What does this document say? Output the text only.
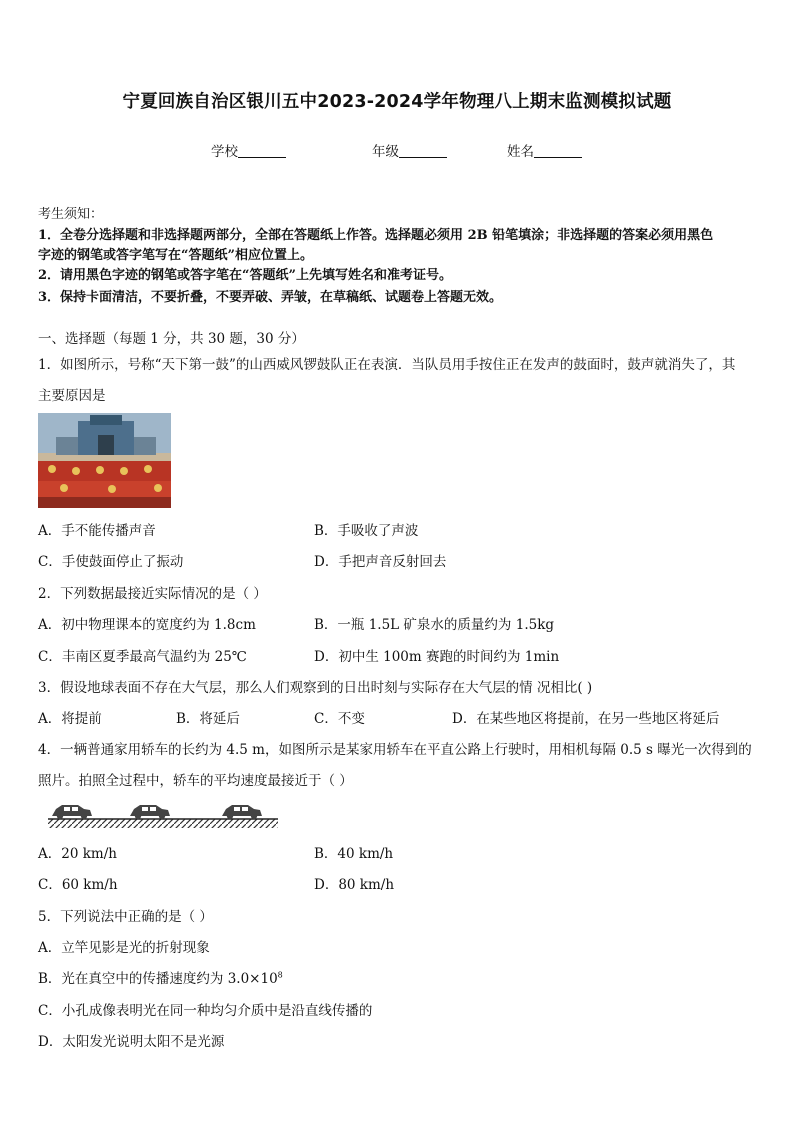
宁夏回族自治区银川五中2023-2024学年物理八上期末监测模拟试题
学校	年级	姓名
考生须知：
1．全卷分选择题和非选择题两部分，全部在答题纸上作答。选择题必须用 2B 铅笔填涂；非选择题的答案必须用黑色
字迹的钢笔或答字笔写在“答题纸”相应位置上。
2．请用黑色字迹的钢笔或答字笔在“答题纸”上先填写姓名和准考证号。
3．保持卡面清洁，不要折叠，不要弄破、弄皱，在草稿纸、试题卷上答题无效。
一、选择题（每题 1 分，共 30 题，30 分）
1．如图所示，号称“天下第一鼓”的山西威风锣鼓队正在表演．当队员用手按住正在发声的鼓面时，鼓声就消失了，其
主要原因是
A．手不能传播声音	B．手吸收了声波
C．手使鼓面停止了振动	D．手把声音反射回去
2．下列数据最接近实际情况的是（ ）
A．初中物理课本的宽度约为 1.8cm	B．一瓶 1.5L 矿泉水的质量约为 1.5kg
C．丰南区夏季最高气温约为 25℃	D．初中生 100m 赛跑的时间约为 1min
3．假设地球表面不存在大气层，那么人们观察到的日出时刻与实际存在大气层的情 况相比( )
A．将提前	B．将延后	C．不变	D．在某些地区将提前，在另一些地区将延后
4．一辆普通家用轿车的长约为 4.5 m，如图所示是某家用轿车在平直公路上行驶时，用相机每隔 0.5 s 曝光一次得到的
照片。拍照全过程中，轿车的平均速度最接近于（ ）
A．20 km/h	B．40 km/h
C．60 km/h	D．80 km/h
5．下列说法中正确的是（ ）
A．立竿见影是光的折射现象
B．光在真空中的传播速度约为 $3.0\times 10^8$
C．小孔成像表明光在同一种均匀介质中是沿直线传播的
D．太阳发光说明太阳不是光源
